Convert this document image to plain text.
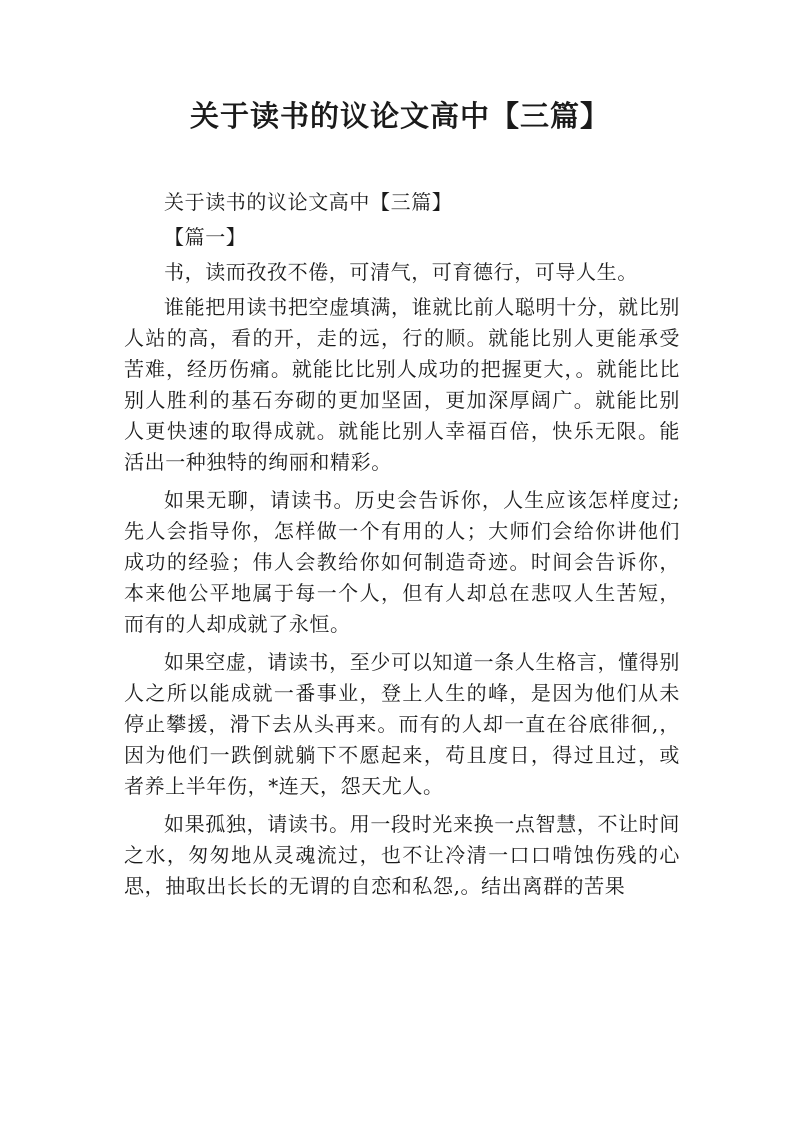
关于读书的议论文高中【三篇】

关于读书的议论文高中【三篇】

【篇一】

书，读而孜孜不倦，可清气，可育德行，可导人生。

谁能把用读书把空虚填满，谁就比前人聪明十分，就比别人站的高，看的开，走的远，行的顺。就能比别人更能承受苦难，经历伤痛。就能比比别人成功的把握更大，。就能比比别人胜利的基石夯砌的更加坚固，更加深厚阔广。就能比别人更快速的取得成就。就能比别人幸福百倍，快乐无限。能活出一种独特的绚丽和精彩。

如果无聊，请读书。历史会告诉你，人生应该怎样度过;先人会指导你，怎样做一个有用的人；大师们会给你讲他们成功的经验；伟人会教给你如何制造奇迹。时间会告诉你，本来他公平地属于每一个人，但有人却总在悲叹人生苦短，而有的人却成就了永恒。

如果空虚，请读书，至少可以知道一条人生格言，懂得别人之所以能成就一番事业，登上人生的峰，是因为他们从未停止攀援，滑下去从头再来。而有的人却一直在谷底徘徊,，因为他们一跌倒就躺下不愿起来，苟且度日，得过且过，或者养上半年伤，*连天，怨天尤人。

如果孤独，请读书。用一段时光来换一点智慧，不让时间之水，匆匆地从灵魂流过，也不让冷清一口口啃蚀伤残的心思，抽取出长长的无谓的自恋和私怨,。结出离群的苦果
